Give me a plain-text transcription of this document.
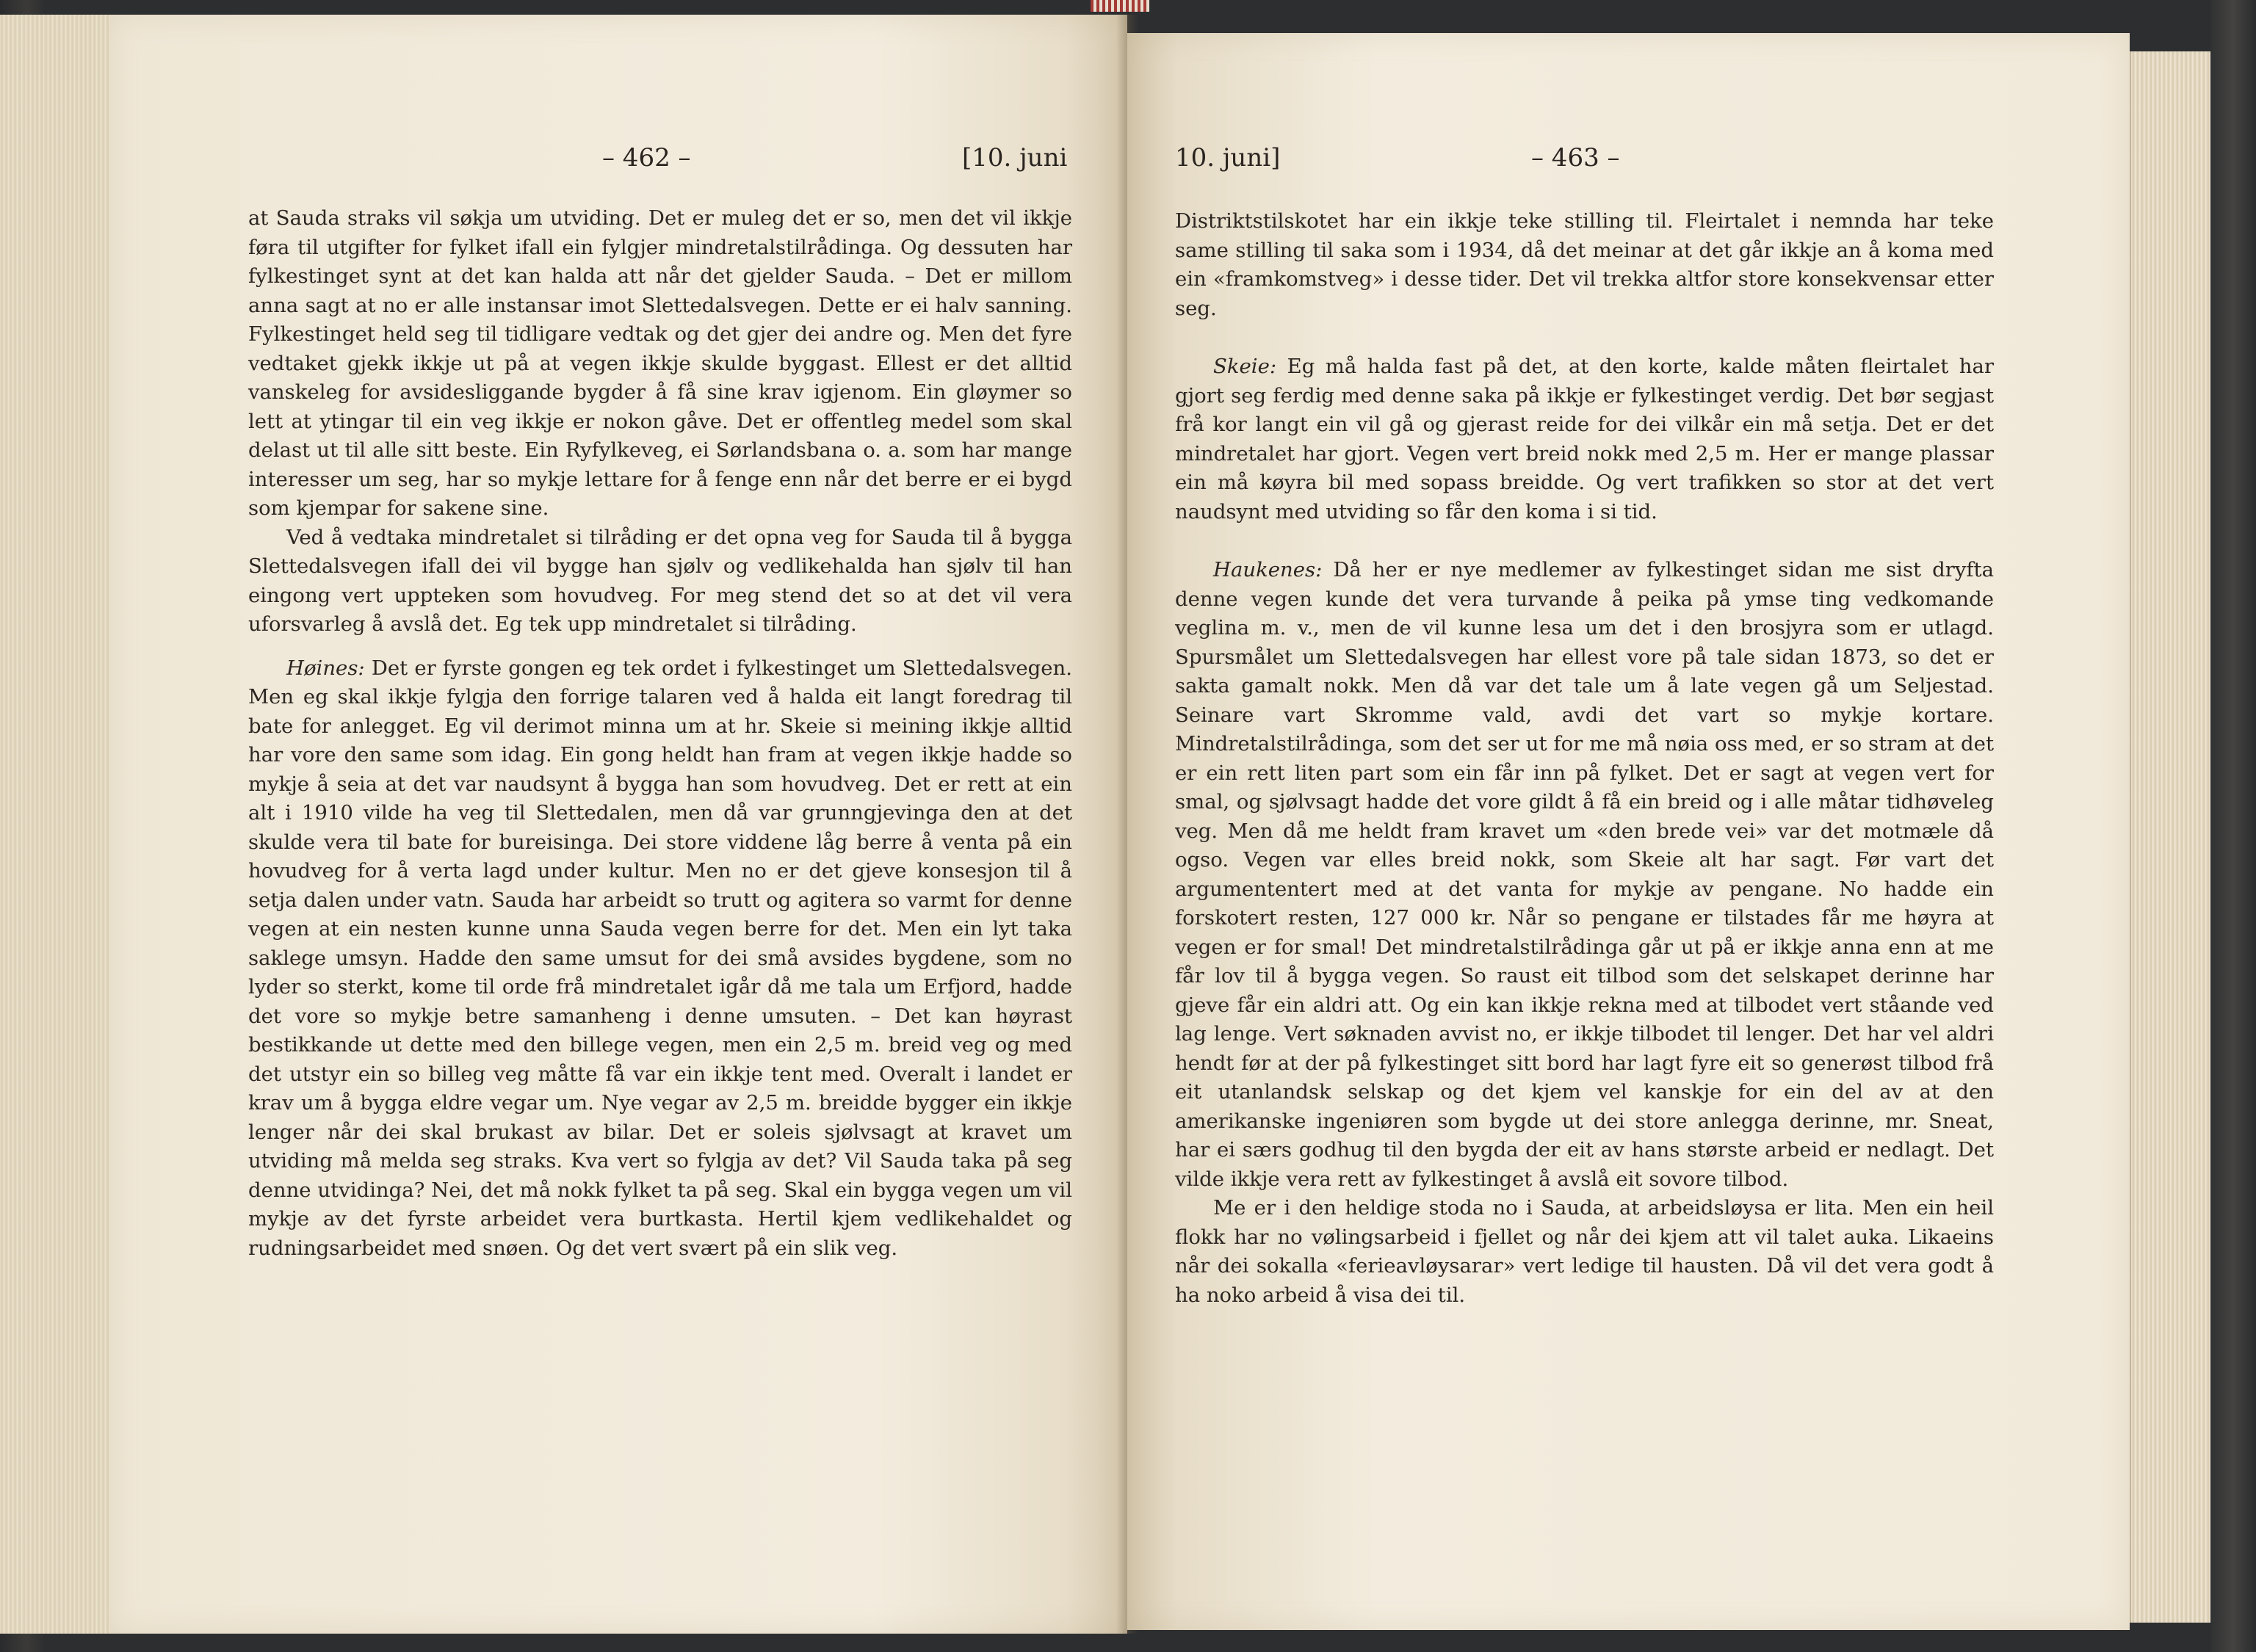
– 462 –	[10. juni

at Sauda straks vil søkja um utviding. Det er muleg det er so, men det vil ikkje føra til utgifter for fylket ifall ein fylgjer mindretalstilrådinga. Og dessuten har fylkestinget synt at det kan halda att når det gjelder Sauda. – Det er millom anna sagt at no er alle instansar imot Slettedalsvegen. Dette er ei halv sanning. Fylkestinget held seg til tidligare vedtak og det gjer dei andre og. Men det fyre vedtaket gjekk ikkje ut på at vegen ikkje skulde byggast. Ellest er det alltid vanskeleg for avsidesliggande bygder å få sine krav igjenom. Ein gløymer so lett at ytingar til ein veg ikkje er nokon gåve. Det er offentleg medel som skal delast ut til alle sitt beste. Ein Ryfylkeveg, ei Sørlandsbana o. a. som har mange interesser um seg, har so mykje lettare for å fenge enn når det berre er ei bygd som kjempar for sakene sine.

Ved å vedtaka mindretalet si tilråding er det opna veg for Sauda til å bygga Slettedalsvegen ifall dei vil bygge han sjølv og vedlikehalda han sjølv til han eingong vert uppteken som hovudveg. For meg stend det so at det vil vera uforsvarleg å avslå det. Eg tek upp mindretalet si tilråding.

Høines: Det er fyrste gongen eg tek ordet i fylkestinget um Slettedalsvegen. Men eg skal ikkje fylgja den forrige talaren ved å halda eit langt foredrag til bate for anlegget. Eg vil derimot minna um at hr. Skeie si meining ikkje alltid har vore den same som idag. Ein gong heldt han fram at vegen ikkje hadde so mykje å seia at det var naudsynt å bygga han som hovudveg. Det er rett at ein alt i 1910 vilde ha veg til Slettedalen, men då var grunngjevinga den at det skulde vera til bate for bureisinga. Dei store viddene låg berre å venta på ein hovudveg for å verta lagd under kultur. Men no er det gjeve konsesjon til å setja dalen under vatn. Sauda har arbeidt so trutt og agitera so varmt for denne vegen at ein nesten kunne unna Sauda vegen berre for det. Men ein lyt taka saklege umsyn. Hadde den same umsut for dei små avsides bygdene, som no lyder so sterkt, kome til orde frå mindretalet igår då me tala um Erfjord, hadde det vore so mykje betre samanheng i denne umsuten. – Det kan høyrast bestikkande ut dette med den billege vegen, men ein 2,5 m. breid veg og med det utstyr ein so billeg veg måtte få var ein ikkje tent med. Overalt i landet er krav um å bygga eldre vegar um. Nye vegar av 2,5 m. breidde bygger ein ikkje lenger når dei skal brukast av bilar. Det er soleis sjølvsagt at kravet um utviding må melda seg straks. Kva vert so fylgja av det? Vil Sauda taka på seg denne utvidinga? Nei, det må nokk fylket ta på seg. Skal ein bygga vegen um vil mykje av det fyrste arbeidet vera burtkasta. Hertil kjem vedlikehaldet og rudningsarbeidet med snøen. Og det vert svært på ein slik veg.

10. juni]	– 463 –

Distriktstilskotet har ein ikkje teke stilling til. Fleirtalet i nemnda har teke same stilling til saka som i 1934, då det meinar at det går ikkje an å koma med ein «framkomstveg» i desse tider. Det vil trekka altfor store konsekvensar etter seg.

Skeie: Eg må halda fast på det, at den korte, kalde måten fleirtalet har gjort seg ferdig med denne saka på ikkje er fylkestinget verdig. Det bør segjast frå kor langt ein vil gå og gjerast reide for dei vilkår ein må setja. Det er det mindretalet har gjort. Vegen vert breid nokk med 2,5 m. Her er mange plassar ein må køyra bil med sopass breidde. Og vert trafikken so stor at det vert naudsynt med utviding so får den koma i si tid.

Haukenes: Då her er nye medlemer av fylkestinget sidan me sist dryfta denne vegen kunde det vera turvande å peika på ymse ting vedkomande veglina m. v., men de vil kunne lesa um det i den brosjyra som er utlagd. Spursmålet um Slettedalsvegen har ellest vore på tale sidan 1873, so det er sakta gamalt nokk. Men då var det tale um å late vegen gå um Seljestad. Seinare vart Skromme vald, avdi det vart so mykje kortare. Mindretalstilrådinga, som det ser ut for me må nøia oss med, er so stram at det er ein rett liten part som ein får inn på fylket. Det er sagt at vegen vert for smal, og sjølvsagt hadde det vore gildt å få ein breid og i alle måtar tidhøveleg veg. Men då me heldt fram kravet um «den brede vei» var det motmæle då ogso. Vegen var elles breid nokk, som Skeie alt har sagt. Før vart det argumententert med at det vanta for mykje av pengane. No hadde ein forskotert resten, 127 000 kr. Når so pengane er tilstades får me høyra at vegen er for smal! Det mindretalstilrådinga går ut på er ikkje anna enn at me får lov til å bygga vegen. So raust eit tilbod som det selskapet derinne har gjeve får ein aldri att. Og ein kan ikkje rekna med at tilbodet vert ståande ved lag lenge. Vert søknaden avvist no, er ikkje tilbodet til lenger. Det har vel aldri hendt før at der på fylkestinget sitt bord har lagt fyre eit so generøst tilbod frå eit utanlandsk selskap og det kjem vel kanskje for ein del av at den amerikanske ingeniøren som bygde ut dei store anlegga derinne, mr. Sneat, har ei særs godhug til den bygda der eit av hans største arbeid er nedlagt. Det vilde ikkje vera rett av fylkestinget å avslå eit sovore tilbod.

Me er i den heldige stoda no i Sauda, at arbeidsløysa er lita. Men ein heil flokk har no vølingsarbeid i fjellet og når dei kjem att vil talet auka. Likaeins når dei sokalla «ferieavløysarar» vert ledige til hausten. Då vil det vera godt å ha noko arbeid å visa dei til.
